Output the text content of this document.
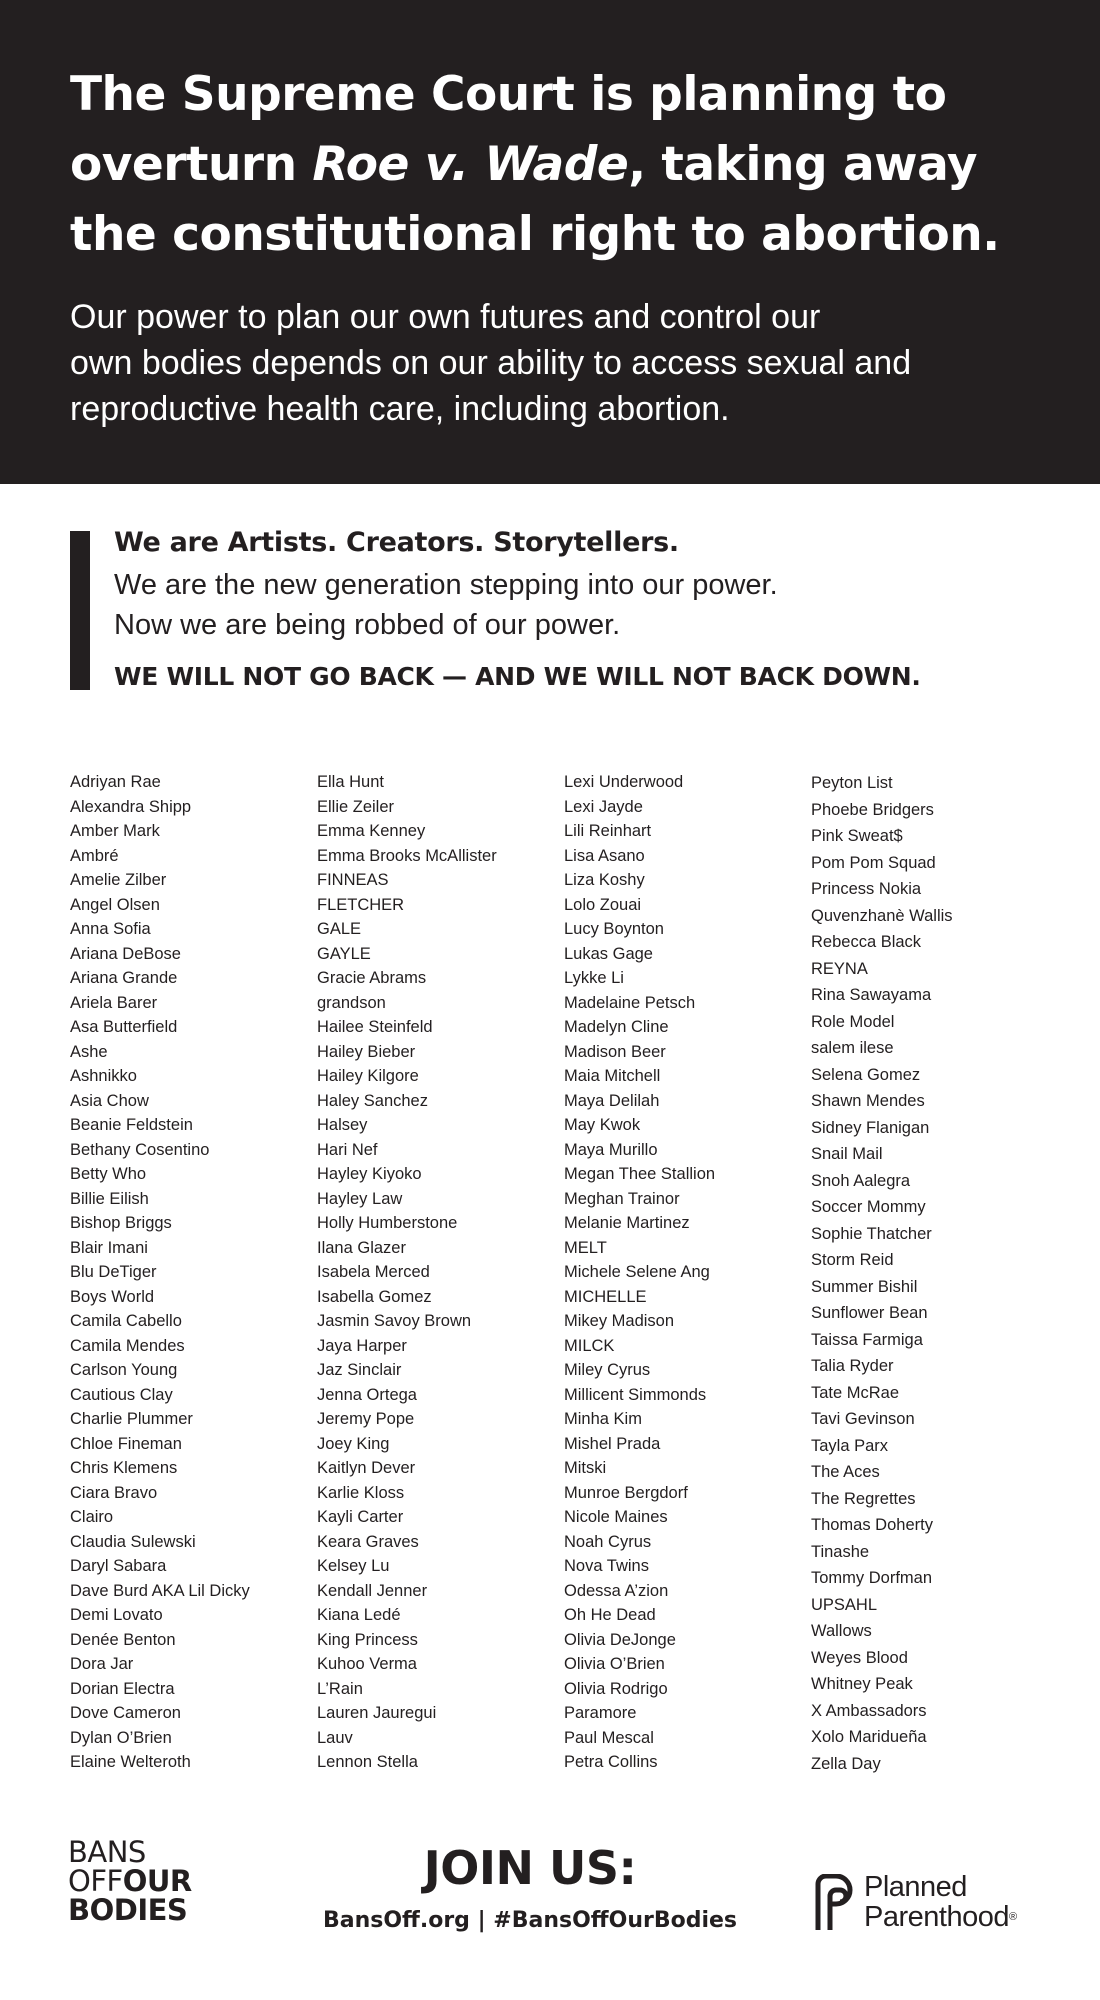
The Supreme Court is planning to
overturn Roe v. Wade, taking away
the constitutional right to abortion.
Our power to plan our own futures and control our
own bodies depends on our ability to access sexual and
reproductive health care, including abortion.
We are Artists. Creators. Storytellers.
We are the new generation stepping into our power.
Now we are being robbed of our power.
WE WILL NOT GO BACK — AND WE WILL NOT BACK DOWN.
Adriyan Rae
Alexandra Shipp
Amber Mark
Ambré
Amelie Zilber
Angel Olsen
Anna Sofia
Ariana DeBose
Ariana Grande
Ariela Barer
Asa Butterfield
Ashe
Ashnikko
Asia Chow
Beanie Feldstein
Bethany Cosentino
Betty Who
Billie Eilish
Bishop Briggs
Blair Imani
Blu DeTiger
Boys World
Camila Cabello
Camila Mendes
Carlson Young
Cautious Clay
Charlie Plummer
Chloe Fineman
Chris Klemens
Ciara Bravo
Clairo
Claudia Sulewski
Daryl Sabara
Dave Burd AKA Lil Dicky
Demi Lovato
Denée Benton
Dora Jar
Dorian Electra
Dove Cameron
Dylan O’Brien
Elaine Welteroth
Ella Hunt
Ellie Zeiler
Emma Kenney
Emma Brooks McAllister
FINNEAS
FLETCHER
GALE
GAYLE
Gracie Abrams
grandson
Hailee Steinfeld
Hailey Bieber
Hailey Kilgore
Haley Sanchez
Halsey
Hari Nef
Hayley Kiyoko
Hayley Law
Holly Humberstone
Ilana Glazer
Isabela Merced
Isabella Gomez
Jasmin Savoy Brown
Jaya Harper
Jaz Sinclair
Jenna Ortega
Jeremy Pope
Joey King
Kaitlyn Dever
Karlie Kloss
Kayli Carter
Keara Graves
Kelsey Lu
Kendall Jenner
Kiana Ledé
King Princess
Kuhoo Verma
L’Rain
Lauren Jauregui
Lauv
Lennon Stella
Lexi Underwood
Lexi Jayde
Lili Reinhart
Lisa Asano
Liza Koshy
Lolo Zouai
Lucy Boynton
Lukas Gage
Lykke Li
Madelaine Petsch
Madelyn Cline
Madison Beer
Maia Mitchell
Maya Delilah
May Kwok
Maya Murillo
Megan Thee Stallion
Meghan Trainor
Melanie Martinez
MELT
Michele Selene Ang
MICHELLE
Mikey Madison
MILCK
Miley Cyrus
Millicent Simmonds
Minha Kim
Mishel Prada
Mitski
Munroe Bergdorf
Nicole Maines
Noah Cyrus
Nova Twins
Odessa A’zion
Oh He Dead
Olivia DeJonge
Olivia O’Brien
Olivia Rodrigo
Paramore
Paul Mescal
Petra Collins
Peyton List
Phoebe Bridgers
Pink Sweat$
Pom Pom Squad
Princess Nokia
Quvenzhanè Wallis
Rebecca Black
REYNA
Rina Sawayama
Role Model
salem ilese
Selena Gomez
Shawn Mendes
Sidney Flanigan
Snail Mail
Snoh Aalegra
Soccer Mommy
Sophie Thatcher
Storm Reid
Summer Bishil
Sunflower Bean
Taissa Farmiga
Talia Ryder
Tate McRae
Tavi Gevinson
Tayla Parx
The Aces
The Regrettes
Thomas Doherty
Tinashe
Tommy Dorfman
UPSAHL
Wallows
Weyes Blood
Whitney Peak
X Ambassadors
Xolo Maridueña
Zella Day
BANS
OFFOUR
BODIES
JOIN US:
BansOff.org | #BansOffOurBodies
Planned
Parenthood®
